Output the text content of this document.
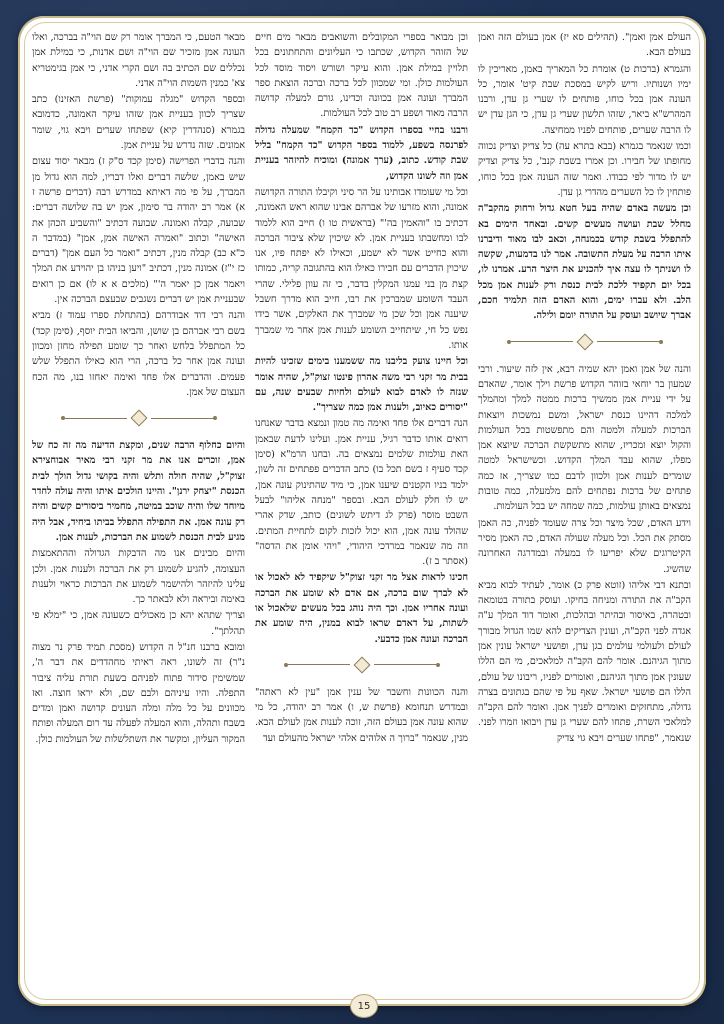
מבאר הטעם, כי המברך אומר רק שם הוי"ה בברכה, ואלו העונה אמן מזכיר שם הוי"ה ושם אדנות, כי במילת אמן נכללים שם הכתיב בה ושם הקרי אדני, כי אמן בגימטריא צא' כמנין השמות הוי"ה אדני.

ובספר הקדוש "מגלה עמוקות" (פרשת האזינו) כתב שצריך לכוון בעניית אמן שזהו עיקר האמונה, כדמובא בגמרא (סנהדרין קיא) שפתחו שערים ויבא גוי, שומר אמונים. שזה נדרש על עניית אמן.

והנה בדברי הפרישה (סימן קכד ס"ק ז) מבאר יסוד עצום שיש באמן, שלשה דברים ואלו דבריו, למה הוא גדול מן המברך, על פי מה דאיתא במדרש רבה (דברים פרשה ז א) אמר רב יהודה בר סימון, אמן יש בה שלושה דברים: שבועה, קבלה ואמונה. שבועה דכתיב "והשביע הכהן את האישה" וכתוב "ואמרה האישה אמן, אמן" (במדבר ה כ"א כב) קבלה מנין, דכתיב "ואמר כל העם אמן" (דברים כז י"ז) אמונה מנין, דכתיב "ויען בניהו בן יהוידע את המלך ויאמר אמן כן יאמר ה'" (מלכים א א לו) אם כן רואים שבעניית אמן יש דברים נשגבים שבעצם הברכה אין.

והנה רבי דוד אבודרהם (בהתחלת ספרו עמוד ז) מביא בשם רבי אברהם בן שושן, והביאו הבית יוסף, (סימן קכד) כל המתפלל בלחש ואחר כך שומע תפילה מחזן ומכוון ועונה אמן אחר כל ברכה, הרי הוא כאילו התפלל שלש פעמים. והדברים אלו פחד ואימה יאחזו בנו, מה הכח העצום של אמן.

והיום כחלוף הרבה שנים, ומקצת הדיעה מה זה כח של אמן, זוכרים אנו את מר זקני רבי מאיר אבוחצירא זצוק"ל, שהיה חולה ותלש והיה בקושי גדול הולך לבית הכנסת "יצחק ירנן". והיינו הולכים איתו והיה עולה לחדר מיוחד שלו והיה שוכב במיטה, מחמיר ביסורים קשים והיה רק עונה אמן. את התפילה התפלל בביתו ביחיד, אבל היה מגיע לבית הכנסת לשמוע את הברכות, לענות אמן.

והיום מבינים אנו מה הדבקות הגדולה וההתאמצות העצומה, להגיע לשמוע רק את הברכה ולענות אמן. ולכן עלינו להיזהר ולהישמר לשמוע את הברכות כראוי ולענות באימה וביראה ולא לבאתר כך.

וצריך שתהא יהא כן מאכולים כשעונה אמן, כי "ימלא פי תהלתך".

ומובא ברבנו חנ"ל ה הקדוש (מסכת תמיד פרק נר מצוה נ"ר) זה לשונו, ראה ראיתי מחהדדים את דבר ה', שמשימין סידור פתוח לפניהם בשעת תורת עליה ציבור התפלה. והיו עיניהם ולבם שם, ולא יראו חוצה. ואז מכוונים על כל מלה ומלה העונים קדושה ואמן ומדים בשבח ותהלה, והוא המעלה לפעלה עד רום המעלה ופותח המקור העליון, ומקשר את השתלשלות של העולמות כולן.

וכן מבואר בספרי המקובלים והשואבים מבאר מים חיים של הזוהר הקדוש, שכתבו כי העליונים והתחתונים בכל תלויין במילת אמן. והוא עיקר ושורש ויסוד מוסד לכל העולמות כולן. ומי שמכוון לכל ברכה וברכה הוצאת ספר המברך ועונה אמן בכוונה וכדינו, גורם למעלה קדושה הרבה מאוד ושפע רב טוב לכל העולמות.

ורבנו בחיי בספרו הקדוש "כד הקמח" שמעלה גדולה לפרנסה בשפע, ללמוד בספר הקדוש "כד הקמח" בליל שבת קודש. כתוב, (ערך אמונה) ומוכיח להיזהר בעניית אמן וזה לשונו הקדוש,

וכל מי שעומדו אבותינו על הר סיני וקיבלו התורה הקדושה אמונה, והוא מזרעו של אברהם אבינו שהוא ראש האמונה, דכתיב בו "והאמין בה'" (בראשית טו ו) חייב הוא ללמוד לבו ומחשבתו בעניית אמן. לא שיכוין שלא ציבור הברכה והוא כחייט אשר לא ישמע, וכאילו לא יפתח פיו, אנו שיכוין הדברים עם חבירו כאילו הוא בהתגובה קריה, כמותו קצת מן בני עמנו המקלין בדבר, כי זה עוון פלילי. שהרי העבד השומע שמברכין את רבו, חייב הוא מדרך חשבל שיענה אמן וכל שכן מי שמברך את האלקים, אשר בידו נפש כל חי, שיתחייב השומע לענות אמן אחר מי שמברך אותו.

וכל חיינו צועק בליבנו מה ששמענו בימים שזכינו להיות בבית מר זקני רבי משה אהרון פינטו זצוק"ל, שהיה אומר שנזה לו לאדם לבוא לעולם ולחיות שבעים שנה, עם "יסורים כאיוב, ולענות אמן כמה שצריך".

הנה דברים אלו פחד ואימה מה טמון ונמצא בדבר שאנחנו רואים אותו כדבר רגיל, עניית אמן. ועלינו לדעת שבאמן האת עולמות שלמים נמצאים בה. ובחנו הרמ"א (סימן קכד סעיף ז בשם תכל בו) כתב הדברים פפתחים זה לשון, ילמד בניו הקטנים שיענו אמן, כי מיד שהתינוק עונה אמן, יש לו חלק לעולם הבא. ובספר "מנחה אליהו" לבעל השבט מוסר (פרק לג דיתש לשונים) כותב, שדק אהרי שהולד עונה אמן, הוא יכול לזכות לקום לתחיית המתים. וזה מה שנאמר במרדכי היהודי, "ויהי אומן את הדסה" (אסתר ב ז).

חכינו לראות אצל מר זקני זצוק"ל שיקפיד לא לאכול או לא לברך שום ברכה, אם אדם לא שומע את הברכה ועונה אחריו אמן. וכך היה נוהג בכל מעשים שלאכול או לשתות, על דאדם שראו לבוא במנין, היה שומע את הברכה ועונה אמן כדבעי.

והנה הכוונות וחשבר של ענין אמן "עין לא ראתה" ובמדרש תנחומא (פרשת ש, ו) אמר רב יהודה, כל מי שהוא עונה אמן בעולם הזה, זוכה לענות אמן לעולם הבא. מנין, שנאמר "ברוך ה אלוהים אלהי ישראל מהעולם ועד

העולם אמן ואמן". (תהילים סא יז) אמן בעולם הזה ואמן בעולם הבא.

והגמרא (ברכות ט) אומרת כל המאריך באמן, מאריכין לו ימיו ושנותיו. וריש לקיש במסכת שבת קיט' אומר, כל העונה אמן בכל כוחו, פותחים לו שערי גן עדן, ורבנו המהרש"א ביאר, שזהו תלשון שערי גן עדן, כי הגן עדן יש לו הרבה שערים, פותחים לפניו ממחיצה.

וכמו שנאמר בגמרא (בבא בתרא עה) כל צדיק וצדיק נכווה מחופתו של חבירו. וכן אמרו בשבת קנב', כל צדיק וצדיק יש לו מדור לפי כבודו. ואמר שזה העונה אמן בכל כוחו, פותחין לו כל השערים מהדרי גן עדן.

וכן מעשה באדם שהיה בעל חטא גדול ורחוק מהקב"ה מחלל שבת ועושה מעשים קשים. ובאחד הימים בא להתפלל בשבת קודש בכמנחה, וכאב לבו מאוד ודיברנו איתו הרבה על מעלת התשובה. אמר לנו בדמעות, שקשה לו ושניתך לו עצה איך להכניע את היצר הרע. אמרנו לו, בכל יום תקפיד ללכת לבית כנסת ורק לענות אמן מכל הלב. ולא עברו ימים, והוא האדם הזה תלמיד חכם, אברך שיושב ועוסק על התורה יומם ולילה.

והנה של אמן ואמן יהא שמיה רבא, אין לזה שיעור. ורבי שמעון בר יוחאי בזוהר הקדוש פרשת וילך אומר, שהאדם על ידי עניית אמן ממשיך ברכות ממטה למלך ומהמלך למלכה דהיינו כנסת ישראל, ומשם נמשכות ויוצאות הברכות למעלה ולמטה והם מתפשטות בכל העולמות והקול יוצא ומכריז, שהוא מתשקשת הברכה שיוצא אמן מפלו, שהוא עבד המלך הקדוש. וכשישראל למטה שומרים לענות אמן ולכוון לדבם כמו שצריך, אז כמה פתחים של ברכות נפתחים להם מלמעלה, כמה טובות נמצאים באותן עולמות, כמה שמחה יש בכל העולמות.

וידע האדם, שכל מיצר וכל צרה שעומד לפניה, כה האמן מסתק את הכל. וכל מעלה שעולה האדם, כה האמן מסיר הקיטרוגים שלא יפריעו לו במעלה ובמדרגה האחרונה שהשיג.

ובתנא דבי אליהו (זוטא פרק כ) אומר, לעתיד לבוא מביא הקב"ה את התורה ומניחה בחיקו. ועוסק בתורה בטומאה ובטהרה, באיסור ובהיתר ובהלכות, ואומר דוד המלך ע"ה אגדה לפני הקב"ה, ועונין הצדיקים להא שמו הגדול מבורך לעולם ולעולמי עולמים בגן עדן, ופושעי ישראל עונין אמן מתוך הגיהנם. אומר להם הקב"ה למלאכים, מי הם הללו שעונין אמן מתוך הגיהנם, ואומרים לפניו, ריבונו של עולם, הללו הם פושעי ישראל. שאף על פי שהם בגתונים בצרה גדולה, מתחזקים ואומרים לפניך אמן. ואומר להם הקב"ה למלאכי השרת, פתחו להם שערי גן עדן ויבואו וזמרו לפני. שנאמר, "פתחו שערים ויבא גוי צדיק

15
